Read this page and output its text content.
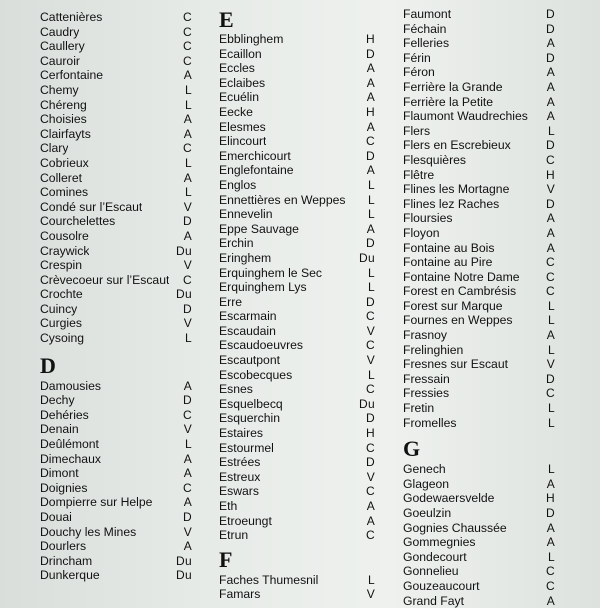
Cattenières	C
Caudry	C
Caullery	C
Cauroir	C
Cerfontaine	A
Chemy	L
Chéreng	L
Choisies	A
Clairfayts	A
Clary	C
Cobrieux	L
Colleret	A
Comines	L
Condé sur l’Escaut	V
Courchelettes	D
Cousolre	A
Craywick	Du
Crespin	V
Crèvecoeur sur l’Escaut	C
Crochte	Du
Cuincy	D
Curgies	V
Cysoing	L
D
Damousies	A
Dechy	D
Dehéries	C
Denain	V
Deûlémont	L
Dimechaux	A
Dimont	A
Doignies	C
Dompierre sur Helpe	A
Douai	D
Douchy les Mines	V
Dourlers	A
Drincham	Du
Dunkerque	Du
E
Ebblinghem	H
Ecaillon	D
Eccles	A
Eclaibes	A
Ecuélin	A
Eecke	H
Elesmes	A
Elincourt	C
Emerchicourt	D
Englefontaine	A
Englos	L
Ennettières en Weppes	L
Ennevelin	L
Eppe Sauvage	A
Erchin	D
Eringhem	Du
Erquinghem le Sec	L
Erquinghem Lys	L
Erre	D
Escarmain	C
Escaudain	V
Escaudoeuvres	C
Escautpont	V
Escobecques	L
Esnes	C
Esquelbecq	Du
Esquerchin	D
Estaires	H
Estourmel	C
Estrées	D
Estreux	V
Eswars	C
Eth	A
Etroeungt	A
Etrun	C
F
Faches Thumesnil	L
Famars	V
Faumont	D
Féchain	D
Felleries	A
Férin	D
Féron	A
Ferrière la Grande	A
Ferrière la Petite	A
Flaumont Waudrechies	A
Flers	L
Flers en Escrebieux	D
Flesquières	C
Flêtre	H
Flines les Mortagne	V
Flines lez Raches	D
Floursies	A
Floyon	A
Fontaine au Bois	A
Fontaine au Pire	C
Fontaine Notre Dame	C
Forest en Cambrésis	C
Forest sur Marque	L
Fournes en Weppes	L
Frasnoy	A
Frelinghien	L
Fresnes sur Escaut	V
Fressain	D
Fressies	C
Fretin	L
Fromelles	L
G
Genech	L
Glageon	A
Godewaersvelde	H
Goeulzin	D
Gognies Chaussée	A
Gommegnies	A
Gondecourt	L
Gonnelieu	C
Gouzeaucourt	C
Grand Fayt	A
